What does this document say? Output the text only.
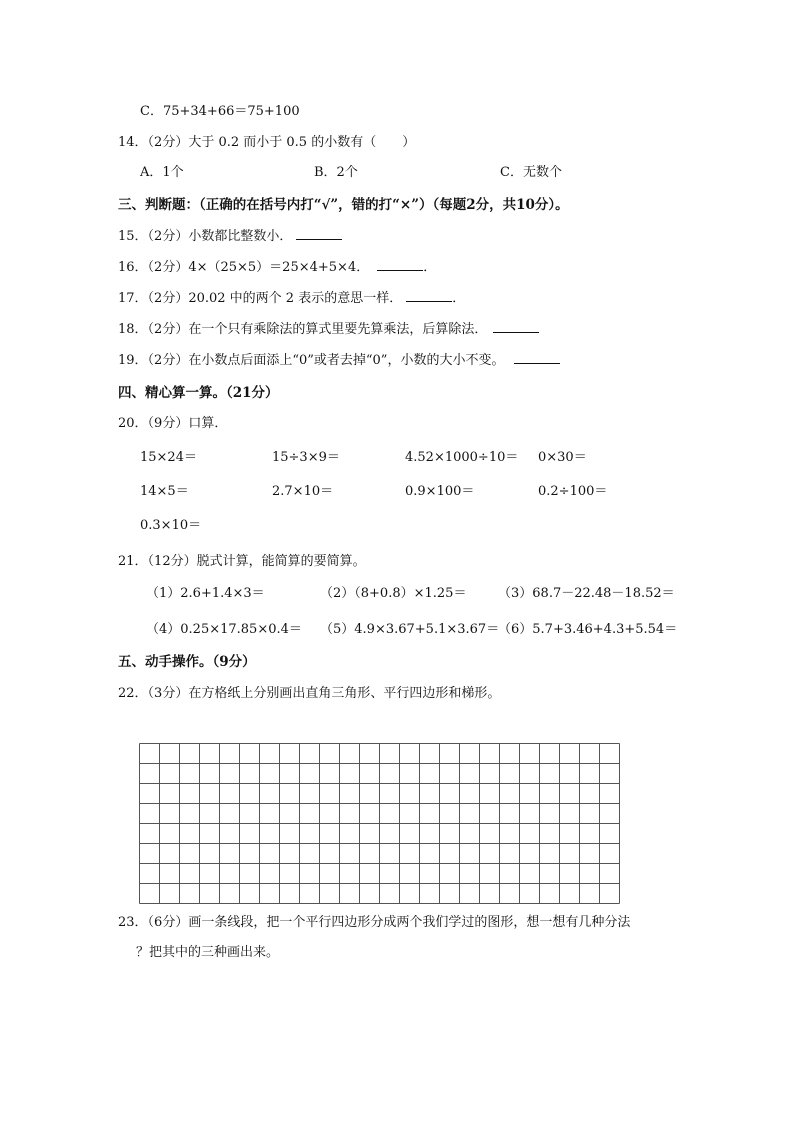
C．75+34+66＝75+100
14．（2分）大于 0.2 而小于 0.5 的小数有（　　）
A．1个	B．2个	C．无数个
三、判断题：（正确的在括号内打“√”，错的打“×”）（每题2分，共10分）。
15．（2分）小数都比整数小．
16．（2分）4×（25×5）＝25×4+5×4．	．
17．（2分）20.02 中的两个 2 表示的意思一样．	．
18．（2分）在一个只有乘除法的算式里要先算乘法，后算除法．
19．（2分）在小数点后面添上“0”或者去掉“0”，小数的大小不变。
四、精心算一算。（21分）
20．（9分）口算．
15×24＝	15÷3×9＝	4.52×1000÷10＝ 0×30＝
14×5＝	2.7×10＝	0.9×100＝	0.2÷100＝
0.3×10＝
21．（12分）脱式计算，能简算的要简算。
（1）2.6+1.4×3＝	（2）（8+0.8）×1.25＝ （3）68.7－22.48－18.52＝
（4）0.25×17.85×0.4＝ （5）4.9×3.67+5.1×3.67＝
（6）5.7+3.46+4.3+5.54＝
五、动手操作。（9分）
22．（3分）在方格纸上分别画出直角三角形、平行四边形和梯形。
23．（6分）画一条线段，把一个平行四边形分成两个我们学过的图形，想一想有几种分法
？把其中的三种画出来。
